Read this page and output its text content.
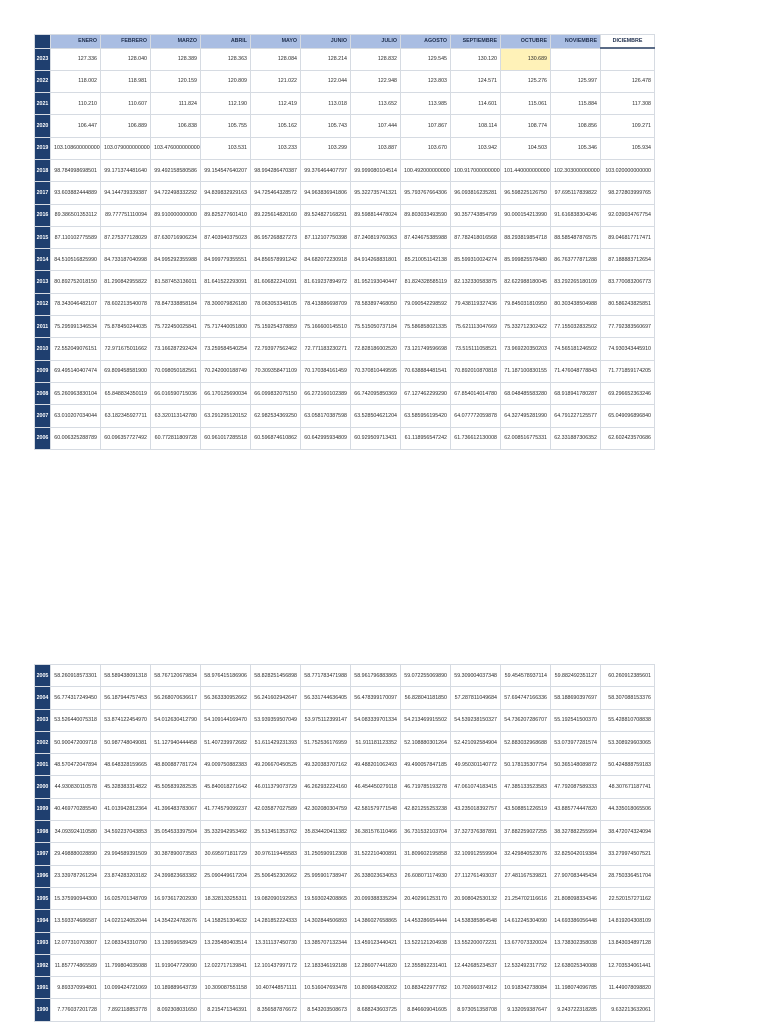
	ENERO	FEBRERO	MARZO	ABRIL	MAYO	JUNIO	JULIO	AGOSTO	SEPTIEMBRE	OCTUBRE	NOVIEMBRE	DICIEMBRE
2023	127.336	128.040	128.389	128.363	128.084	128.214	128.832	129.545	130.120	130.689		
2022	118.002	118.981	120.159	120.809	121.022	122.044	122.948	123.803	124.571	125.276	125.997	126.478
2021	110.210	110.607	111.824	112.190	112.419	113.018	113.652	113.985	114.601	115.061	115.884	117.308
2020	106.447	106.889	106.838	105.755	105.162	105.743	107.444	107.867	108.114	108.774	108.856	109.271
2019	103.108600000000	103.079000000000	103.476000000000	103.531	103.233	103.299	103.887	103.670	103.942	104.503	105.346	105.934
2018	98.784998698501	99.171374481640	99.492158580586	99.154547640207	98.994286470387	99.376464407797	99.999080104514	100.492000000000	100.917000000000	101.440000000000	102.303000000000	103.020000000000
2017	93.603882444889	94.144739339387	94.722498332292	94.839832929163	94.725464328572	94.963836941806	95.322735741321	95.793767664306	96.093816235281	96.598225126750	97.695117839822	98.272803999765
2016	89.386501353112	89.777751110094	89.910000000000	89.825277601410	89.225614820160	89.524827168291	89.598814478024	89.803033493590	90.357743854799	90.000154213990	91.616838304246	92.039034767754
2015	87.110102775589	87.275377128029	87.630716906234	87.403940375023	86.957268827273	87.112107750398	87.240819760363	87.424675385988	87.782418016568	88.293819854718	88.585487876575	89.046817717471
2014	84.510516825990	84.733187040998	84.995292355988	84.999779355551	84.856578991242	84.682072230918	84.914268831801	85.210051142138	85.599310024274	85.999825578480	86.763777871288	87.188883712654
2013	80.892752018150	81.290842955822	81.587453136011	81.641522293091	81.606822241091	81.619237894972	81.952193040447	81.824328585119	82.132330583875	82.622988180045	83.292265180109	83.770083206773
2012	78.343046482107	78.602213540078	78.847338858184	78.300079826180	78.063053348105	78.413886698709	78.583897468050	79.090542298592	79.438119327436	79.845031810950	80.303438504988	80.586243825851
2011	75.295991346534	75.878450244035	75.722450025841	75.717440051800	75.159254378859	75.166600145510	75.515050737184	75.586858021335	75.621113047669	75.332712302422	77.155032832502	77.792383560697
2010	72.552049076151	72.971675011662	73.166287292424	73.259584540254	72.793977562462	72.771183230271	72.828186002520	73.121749596698	73.515111058521	73.969220350203	74.565181246502	74.930343445910
2009	69.495140407474	69.809458581900	70.098050182561	70.242000188749	70.309358471109	70.170384161459	70.370810449595	70.638884481541	70.892010870818	71.187100830155	71.476048778843	71.771859174205
2008	65.260963830104	65.848834350119	66.016590715036	66.170125690034	66.099832075150	66.272160102389	66.742095850369	67.127462299290	67.854014014780	68.048485583280	68.918941780287	69.296652363246
2007	63.010207034044	63.182345927711	63.320113142780	63.291295120152	62.982534369250	63.058170387598	63.528504621204	63.585956195420	64.077772059878	64.327495281990	64.791227125577	65.049096896840
2006	60.006325288789	60.096357727492	60.772811809728	60.961017285518	60.596874610862	60.642995934809	60.929509713431	61.118956547242	61.736612130008	62.008516775331	62.331887306352	62.602423570686
2005	58.260918573301	58.589438091318	58.767120679834	58.976415186906	58.828251456898	58.771783471988	58.961796883865	59.072255069890	59.309004037348	59.454578937114	59.882492351127	60.260912385601
2004	56.774317249450	56.187944757453	56.268070636617	56.363330952662	56.241602942647	56.331744636405	56.478399170097	56.828041181850	57.287811049684	57.694747166336	58.188690397697	58.307088153376
2003	53.526440075318	53.874122454970	54.012630412790	54.109144169470	53.939359507049	53.975112399147	54.083339701334	54.213469915502	54.539238150327	54.736207286707	55.192541500370	55.428810708838
2002	50.900472009718	50.987748049081	51.127940444458	51.407239972682	51.611429231393	51.752536176959	51.911181123352	52.108880301264	52.421092584904	52.883032968688	53.073977281574	53.308929603065
2001	48.570472047894	48.648328159665	48.800887781724	49.009750882383	49.206670450525	49.320383707162	49.488201062493	49.490057847185	49.950301140772	50.178135307754	50.365148089872	50.424888759183
2000	44.930830110578	45.328383314822	45.505839282535	45.840018271642	46.011379073729	46.262932224160	46.454450279118	46.719785193278	47.061074183415	47.385133523583	47.792087589333	48.307671187741
1999	40.469770285540	41.013942812364	41.396483783067	41.774579099237	42.035877027589	42.302080304759	42.581579771548	42.821255253238	43.235018392757	43.508851226519	43.885774447820	44.335018065506
1998	34.093924110580	34.592237043853	35.054533397504	35.332942953492	35.513451353762	35.834420411382	36.381576110466	36.731532103704	37.327376387891	37.882259027255	38.327882255994	38.472074324094
1997	29.498880028890	29.994589391509	30.387890073583	30.695971811729	30.976119445583	31.250590912308	31.522210400891	31.809602195858	32.109912559904	32.429840523076	32.825042019384	33.279974507521
1996	23.339787261294	23.874283203182	24.399823683382	25.090449617204	25.506452302662	25.995901738947	26.338023634053	26.608071174930	27.112761493037	27.481167539821	27.907083445434	28.750336451704
1995	15.375990944300	16.025701348709	16.973617202930	18.328133255311	19.082090192953	19.593024208865	20.099388335294	20.402961253170	20.908042530132	21.254702116616	21.808098334346	22.520157271162
1994	13.593374686587	14.022124052044	14.354224782676	14.158251304632	14.281852224333	14.302844506893	14.386027658865	14.453286654444	14.538385864548	14.612245304090	14.693386056448	14.819204308109
1993	12.077310703807	12.083343310790	13.139596589429	13.235480403514	13.311137450730	13.385707132344	13.459123440421	13.522121204938	13.552200072231	13.677073320024	13.738302358038	13.843034897128
1992	11.857774865589	11.799804035088	11.919047729090	12.022717139841	12.101437997172	12.183346192188	12.286077441820	12.355892231401	12.442685234537	12.532492317792	12.638025340088	12.703534061441
1991	9.893370994801	10.099424721069	10.189889643739	10.309087551158	10.407448571111	10.516047693478	10.809684208202	10.883422977782	10.702660374912	10.918342738084	11.198074096785	11.449078098820
1990	7.776037201728	7.892118853778	8.092308031650	8.215471346391	8.356587876672	8.543203508673	8.688243603725	8.846609041605	8.973051358708	9.132059387647	9.243722318285	9.632213632061
